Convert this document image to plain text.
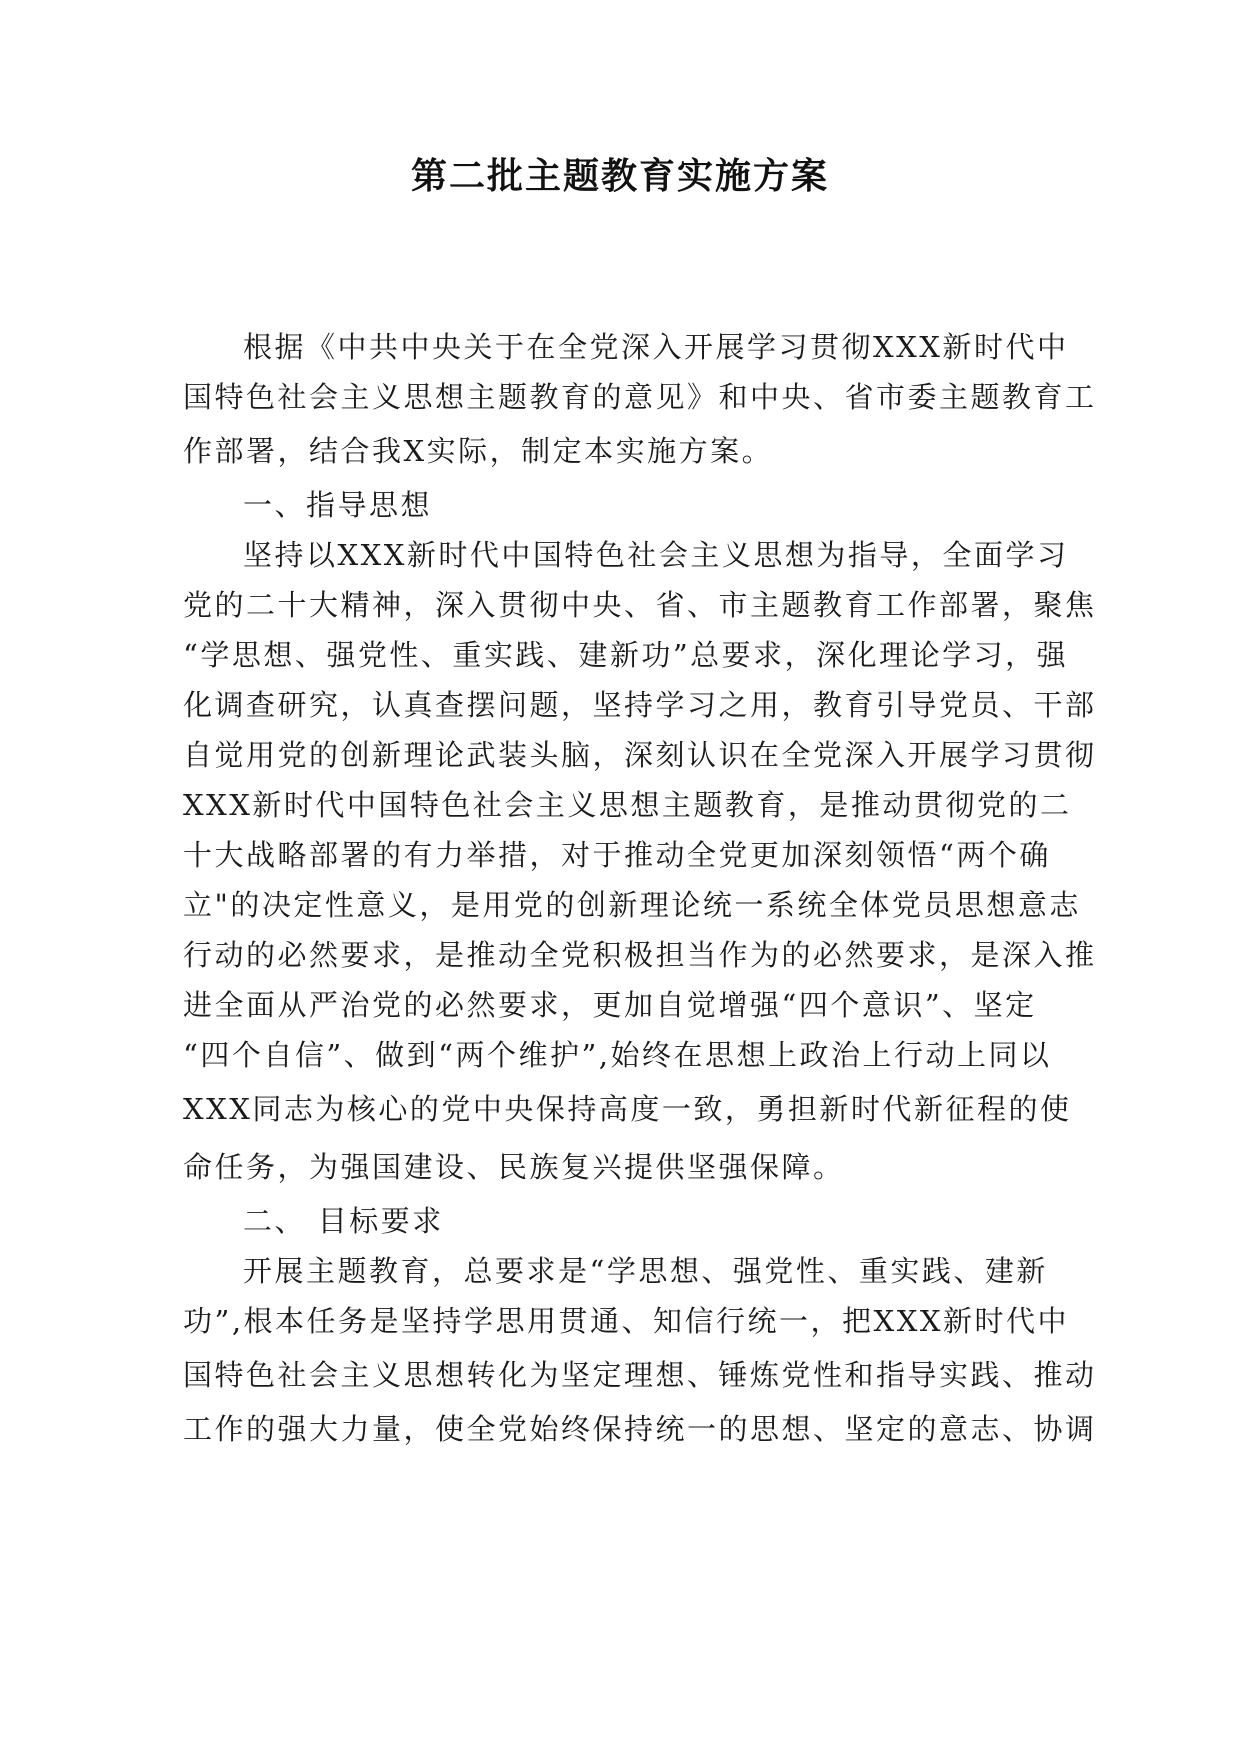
第二批主题教育实施方案
根据《中共中央关于在全党深入开展学习贯彻XXX新时代中
国特色社会主义思想主题教育的意见》和中央、省市委主题教育工
作部署，结合我X实际，制定本实施方案。
一、指导思想
坚持以XXX新时代中国特色社会主义思想为指导，全面学习
党的二十大精神，深入贯彻中央、省、市主题教育工作部署，聚焦
“学思想、强党性、重实践、建新功”总要求，深化理论学习，强
化调查研究，认真查摆问题，坚持学习之用，教育引导党员、干部
自觉用党的创新理论武装头脑，深刻认识在全党深入开展学习贯彻
XXX新时代中国特色社会主义思想主题教育，是推动贯彻党的二
十大战略部署的有力举措，对于推动全党更加深刻领悟“两个确
立"的决定性意义，是用党的创新理论统一系统全体党员思想意志
行动的必然要求，是推动全党积极担当作为的必然要求，是深入推
进全面从严治党的必然要求，更加自觉增强“四个意识”、坚定
“四个自信”、做到“两个维护”,始终在思想上政治上行动上同以
XXX同志为核心的党中央保持高度一致，勇担新时代新征程的使
命任务，为强国建设、民族复兴提供坚强保障。
二、 目标要求
开展主题教育，总要求是“学思想、强党性、重实践、建新
功”,根本任务是坚持学思用贯通、知信行统一，把XXX新时代中
国特色社会主义思想转化为坚定理想、锤炼党性和指导实践、推动
工作的强大力量，使全党始终保持统一的思想、坚定的意志、协调
